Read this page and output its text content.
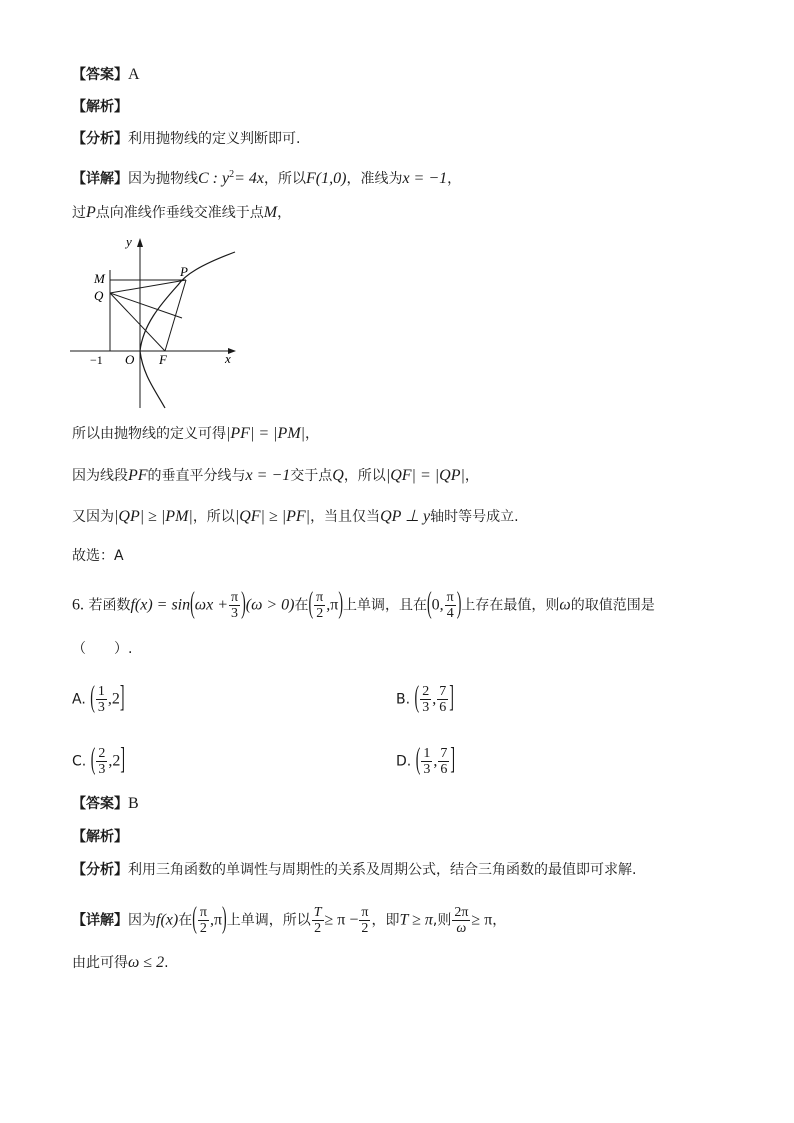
【答案】A
【解析】
【分析】利用抛物线的定义判断即可.
【详解】因为抛物线C : $y^2= 4x$，所以F(1,0)，准线为x = −1，
过P点向准线作垂线交准线于点M，
y
x
M	P
Q
O F
−1
所以由抛物线的定义可得|PF| = |PM|，
因为线段PF的垂直平分线与x = −1交于点Q，所以|QF| = |QP|，
又因为|QP| ≥ |PM|，所以|QF| ≥ |PF|，当且仅当QP ⊥ y轴时等号成立.
故选：A
6. 若函数$f(x) = \sin(\omega x + \frac{\pi}{3} )(\omega > 0)$在( $\frac{\pi}{2} ,\pi$)上单调，且在(0, $\frac{\pi}{4}$ )上存在最值，则ω的取值范围是
（　　）.
A. ( $\frac{1}{3} ,2$]	B. ( $\frac{2}{3}$ , $\frac{7}{6}$ ]
C. ( $\frac{2}{3} ,2$]	D. ( $\frac{1}{3}$ , $\frac{7}{6}$ ]
【答案】B
【解析】
【分析】利用三角函数的单调性与周期性的关系及周期公式，结合三角函数的最值即可求解.
【详解】因为f(x)在( $\frac{\pi}{2} ,\pi$)上单调，所以 $\frac{T}{2} \ge \pi - \frac{\pi}{2}$ ，即T ≥ π,则 $\frac{2\pi}{\omega} \ge \pi$，
由此可得ω ≤ 2.
